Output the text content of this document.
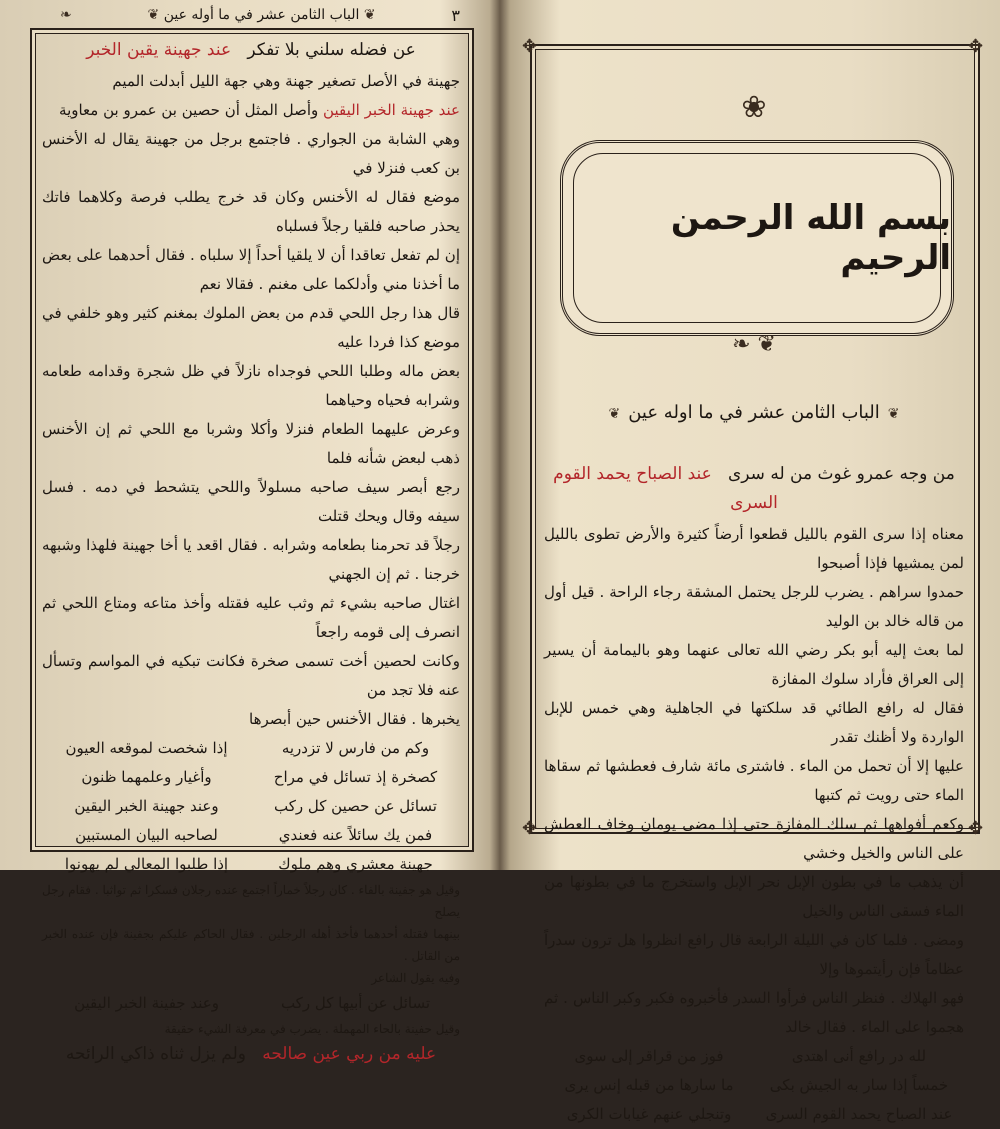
٣
❦ الباب الثامن عشر في ما أوله عين ❦
❧
عن فضله سلني بلا تفكر   عند جهينة يقين الخبر

جهينة في الأصل تصغير جهنة وهي جهة الليل أبدلت الميم

عند جهينة الخبر اليقين وأصل المثل أن حصين بن عمرو بن معاوية

وهي الشابة من الجواري . فاجتمع برجل من جهينة يقال له الأخنس بن كعب فنزلا في

موضع فقال له الأخنس وكان قد خرج يطلب فرصة وكلاهما فاتك يحذر صاحبه فلقيا رجلاً فسلباه

إن لم تفعل تعاقدا أن لا يلقيا أحداً إلا سلباه . فقال أحدهما على بعض ما أخذنا مني وأدلكما على مغنم . فقالا نعم

قال هذا رجل اللحي قدم من بعض الملوك بمغنم كثير وهو خلفي في موضع كذا فردا عليه

بعض ماله وطلبا اللحي فوجداه نازلاً في ظل شجرة وقدامه طعامه وشرابه فحياه وحياهما

وعرض عليهما الطعام فنزلا وأكلا وشربا مع اللحي ثم إن الأخنس ذهب لبعض شأنه فلما

رجع أبصر سيف صاحبه مسلولاً واللحي يتشحط في دمه . فسل سيفه وقال ويحك قتلت

رجلاً قد تحرمنا بطعامه وشرابه . فقال اقعد يا أخا جهينة فلهذا وشبهه خرجنا . ثم إن الجهني

اغتال صاحبه بشيء ثم وثب عليه فقتله وأخذ متاعه ومتاع اللحي ثم انصرف إلى قومه راجعاً

وكانت لحصين أخت تسمى صخرة فكانت تبكيه في المواسم وتسأل عنه فلا تجد من

يخبرها . فقال الأخنس حين أبصرها

وكم من فارس لا تزدريه	إذا شخصت لموقعه العيون
كصخرة إذ تسائل في مراح	وأغيار وعلمهما ظنون
تسائل عن حصين كل ركب	وعند جهينة الخبر اليقين
فمن يك سائلاً عنه فعندي	لصاحبه البيان المستبين
جهينة معشري وهم ملوك	إذا طلبوا المعالي لم يهونوا

وقيل هو جفينة بالفاء . كان رجلاً خماراً اجتمع عنده رجلان فسكرا ثم تواثبا . فقام رجل يصلح

بينهما فقتله أحدهما فأخذ أهله الرجلين . فقال الحاكم عليكم بجفينة فإن عنده الخبر من القاتل .

وفيه يقول الشاعر

تسائل عن أبيها كل ركب	وعند جفينة الخبر اليقين

وقيل حفينة بالحاء المهملة . يضرب في معرفة الشيء حقيقة

عليه من ربي عين صالحه   ولم يزل ثناه ذاكي الرائحه
✥	✥
✥	✥
❀
بسم الله الرحمن الرحيم
❦ ❧
❦الباب الثامن عشر في ما اوله عين❦
من وجه عمرو غوث من له سرى   عند الصباح يحمد القوم السرى

معناه إذا سرى القوم بالليل قطعوا أرضاً كثيرة والأرض تطوى بالليل لمن يمشيها فإذا أصبحوا

حمدوا سراهم . يضرب للرجل يحتمل المشقة رجاء الراحة . قيل أول من قاله خالد بن الوليد

لما بعث إليه أبو بكر رضي الله تعالى عنهما وهو باليمامة أن يسير إلى العراق فأراد سلوك المفازة

فقال له رافع الطائي قد سلكتها في الجاهلية وهي خمس للإبل الواردة ولا أظنك تقدر

عليها إلا أن تحمل من الماء . فاشترى مائة شارف فعطشها ثم سقاها الماء حتى رويت ثم كتبها

وكعم أفواهها ثم سلك المفازة حتى إذا مضى يومان وخاف العطش على الناس والخيل وخشي

أن يذهب ما في بطون الإبل نحر الإبل واستخرج ما في بطونها من الماء فسقى الناس والخيل

ومضى . فلما كان في الليلة الرابعة قال رافع انظروا هل ترون سدراً عظاماً فإن رأيتموها وإلا

فهو الهلاك . فنظر الناس فرأوا السدر فأخبروه فكبر وكبر الناس . ثم هجموا على الماء . فقال خالد

لله در رافع أنى اهتدى	فوز من قراقر إلى سوى
خمساً إذا سار به الجيش بكى	ما سارها من قبله إنس يرى
عند الصباح يحمد القوم السرى	وتنجلي عنهم غيابات الكرى
